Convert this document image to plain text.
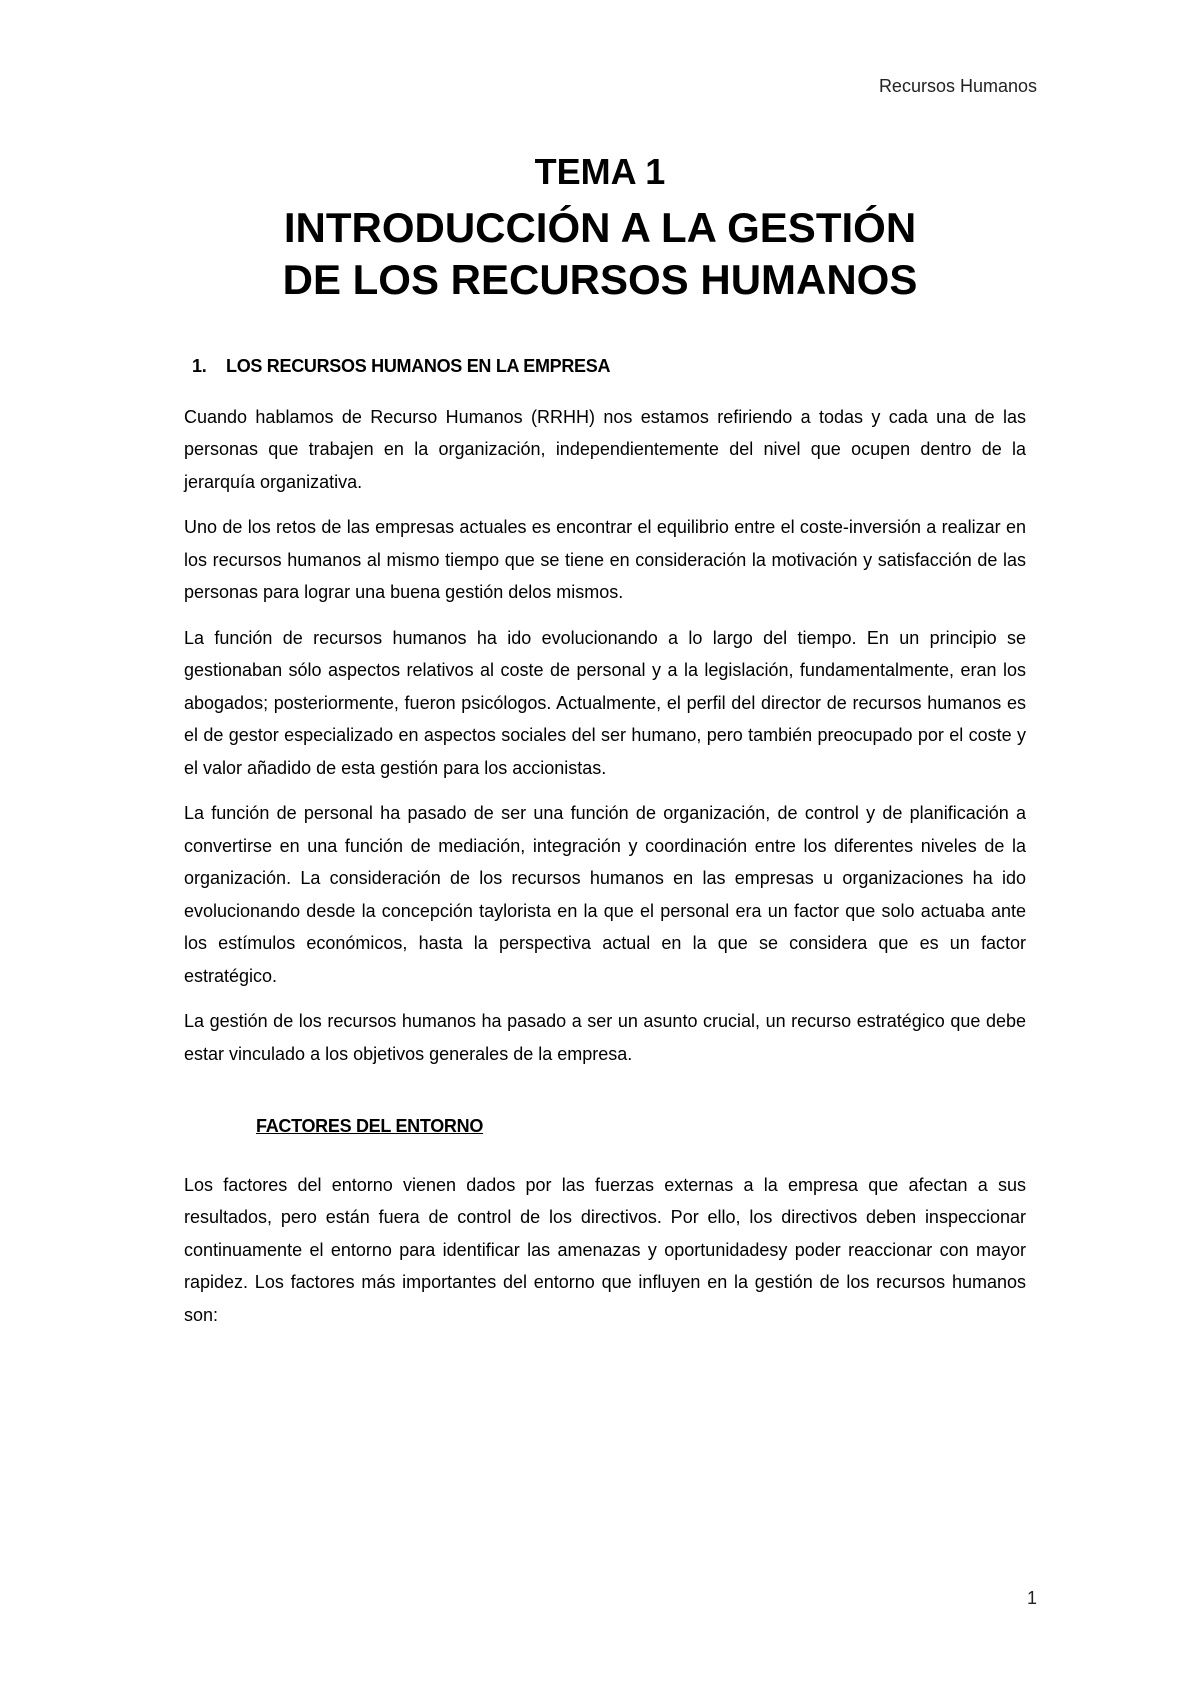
Recursos Humanos
TEMA 1
INTRODUCCIÓN A LA GESTIÓN
DE LOS RECURSOS HUMANOS
1. LOS RECURSOS HUMANOS EN LA EMPRESA

Cuando hablamos de Recurso Humanos (RRHH) nos estamos refiriendo a todas y cada una de las personas que trabajen en la organización, independientemente del nivel que ocupen dentro de la jerarquía organizativa.

Uno de los retos de las empresas actuales es encontrar el equilibrio entre el coste-inversión a realizar en los recursos humanos al mismo tiempo que se tiene en consideración la motivación y satisfacción de las personas para lograr una buena gestión delos mismos.

La función de recursos humanos ha ido evolucionando a lo largo del tiempo. En un principio se gestionaban sólo aspectos relativos al coste de personal y a la legislación, fundamentalmente, eran los abogados; posteriormente, fueron psicólogos. Actualmente, el perfil del director de recursos humanos es el de gestor especializado en aspectos sociales del ser humano, pero también preocupado por el coste y el valor añadido de esta gestión para los accionistas.

La función de personal ha pasado de ser una función de organización, de control y de planificación a convertirse en una función de mediación, integración y coordinación entre los diferentes niveles de la organización. La consideración de los recursos humanos en las empresas u organizaciones ha ido evolucionando desde la concepción taylorista en la que el personal era un factor que solo actuaba ante los estímulos económicos, hasta la perspectiva actual en la que se considera que es un factor estratégico.

La gestión de los recursos humanos ha pasado a ser un asunto crucial, un recurso estratégico que debe estar vinculado a los objetivos generales de la empresa.

FACTORES DEL ENTORNO

Los factores del entorno vienen dados por las fuerzas externas a la empresa que afectan a sus resultados, pero están fuera de control de los directivos. Por ello, los directivos deben inspeccionar continuamente el entorno para identificar las amenazas y oportunidadesy poder reaccionar con mayor rapidez. Los factores más importantes del entorno que influyen en la gestión de los recursos humanos son:

1
